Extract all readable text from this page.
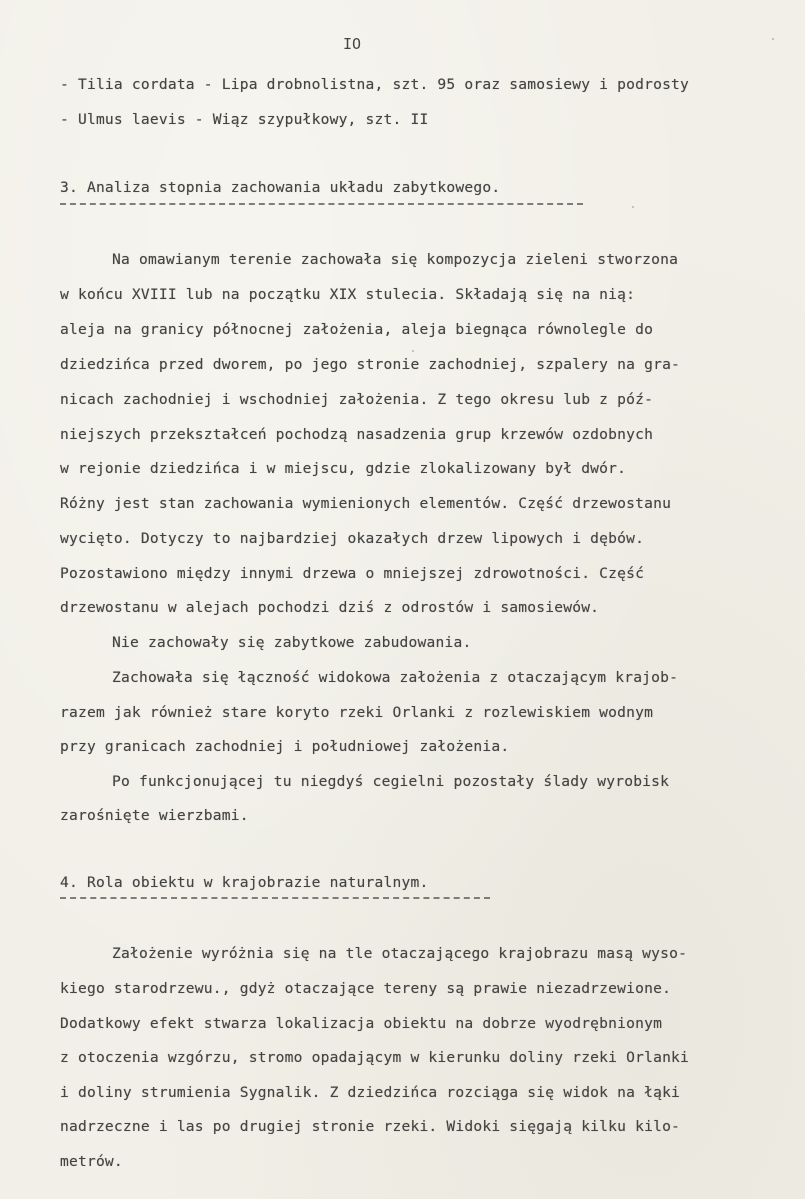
IO
- Tilia cordata - Lipa drobnolistna, szt. 95 oraz samosiewy i podrosty
- Ulmus laevis - Wiąz szypułkowy, szt. II
3. Analiza stopnia zachowania układu zabytkowego.
Na omawianym terenie zachowała się kompozycja zieleni stworzona
w końcu XVIII lub na początku XIX stulecia. Składają się na nią:
aleja na granicy północnej założenia, aleja biegnąca równolegle do
dziedzińca przed dworem, po jego stronie zachodniej, szpalery na gra-
nicach zachodniej i wschodniej założenia. Z tego okresu lub z póź-
niejszych przekształceń pochodzą nasadzenia grup krzewów ozdobnych
w rejonie dziedzińca i w miejscu, gdzie zlokalizowany był dwór.
Różny jest stan zachowania wymienionych elementów. Część drzewostanu
wycięto. Dotyczy to najbardziej okazałych drzew lipowych i dębów.
Pozostawiono między innymi drzewa o mniejszej zdrowotności. Część
drzewostanu w alejach pochodzi dziś z odrostów i samosiewów.
Nie zachowały się zabytkowe zabudowania.
Zachowała się łączność widokowa założenia z otaczającym krajob-
razem jak również stare koryto rzeki Orlanki z rozlewiskiem wodnym
przy granicach zachodniej i południowej założenia.
Po funkcjonującej tu niegdyś cegielni pozostały ślady wyrobisk
zarośnięte wierzbami.
4. Rola obiektu w krajobrazie naturalnym.
Założenie wyróżnia się na tle otaczającego krajobrazu masą wyso-
kiego starodrzewu., gdyż otaczające tereny są prawie niezadrzewione.
Dodatkowy efekt stwarza lokalizacja obiektu na dobrze wyodrębnionym
z otoczenia wzgórzu, stromo opadającym w kierunku doliny rzeki Orlanki
i doliny strumienia Sygnalik. Z dziedzińca rozciąga się widok na łąki
nadrzeczne i las po drugiej stronie rzeki. Widoki sięgają kilku kilo-
metrów.
